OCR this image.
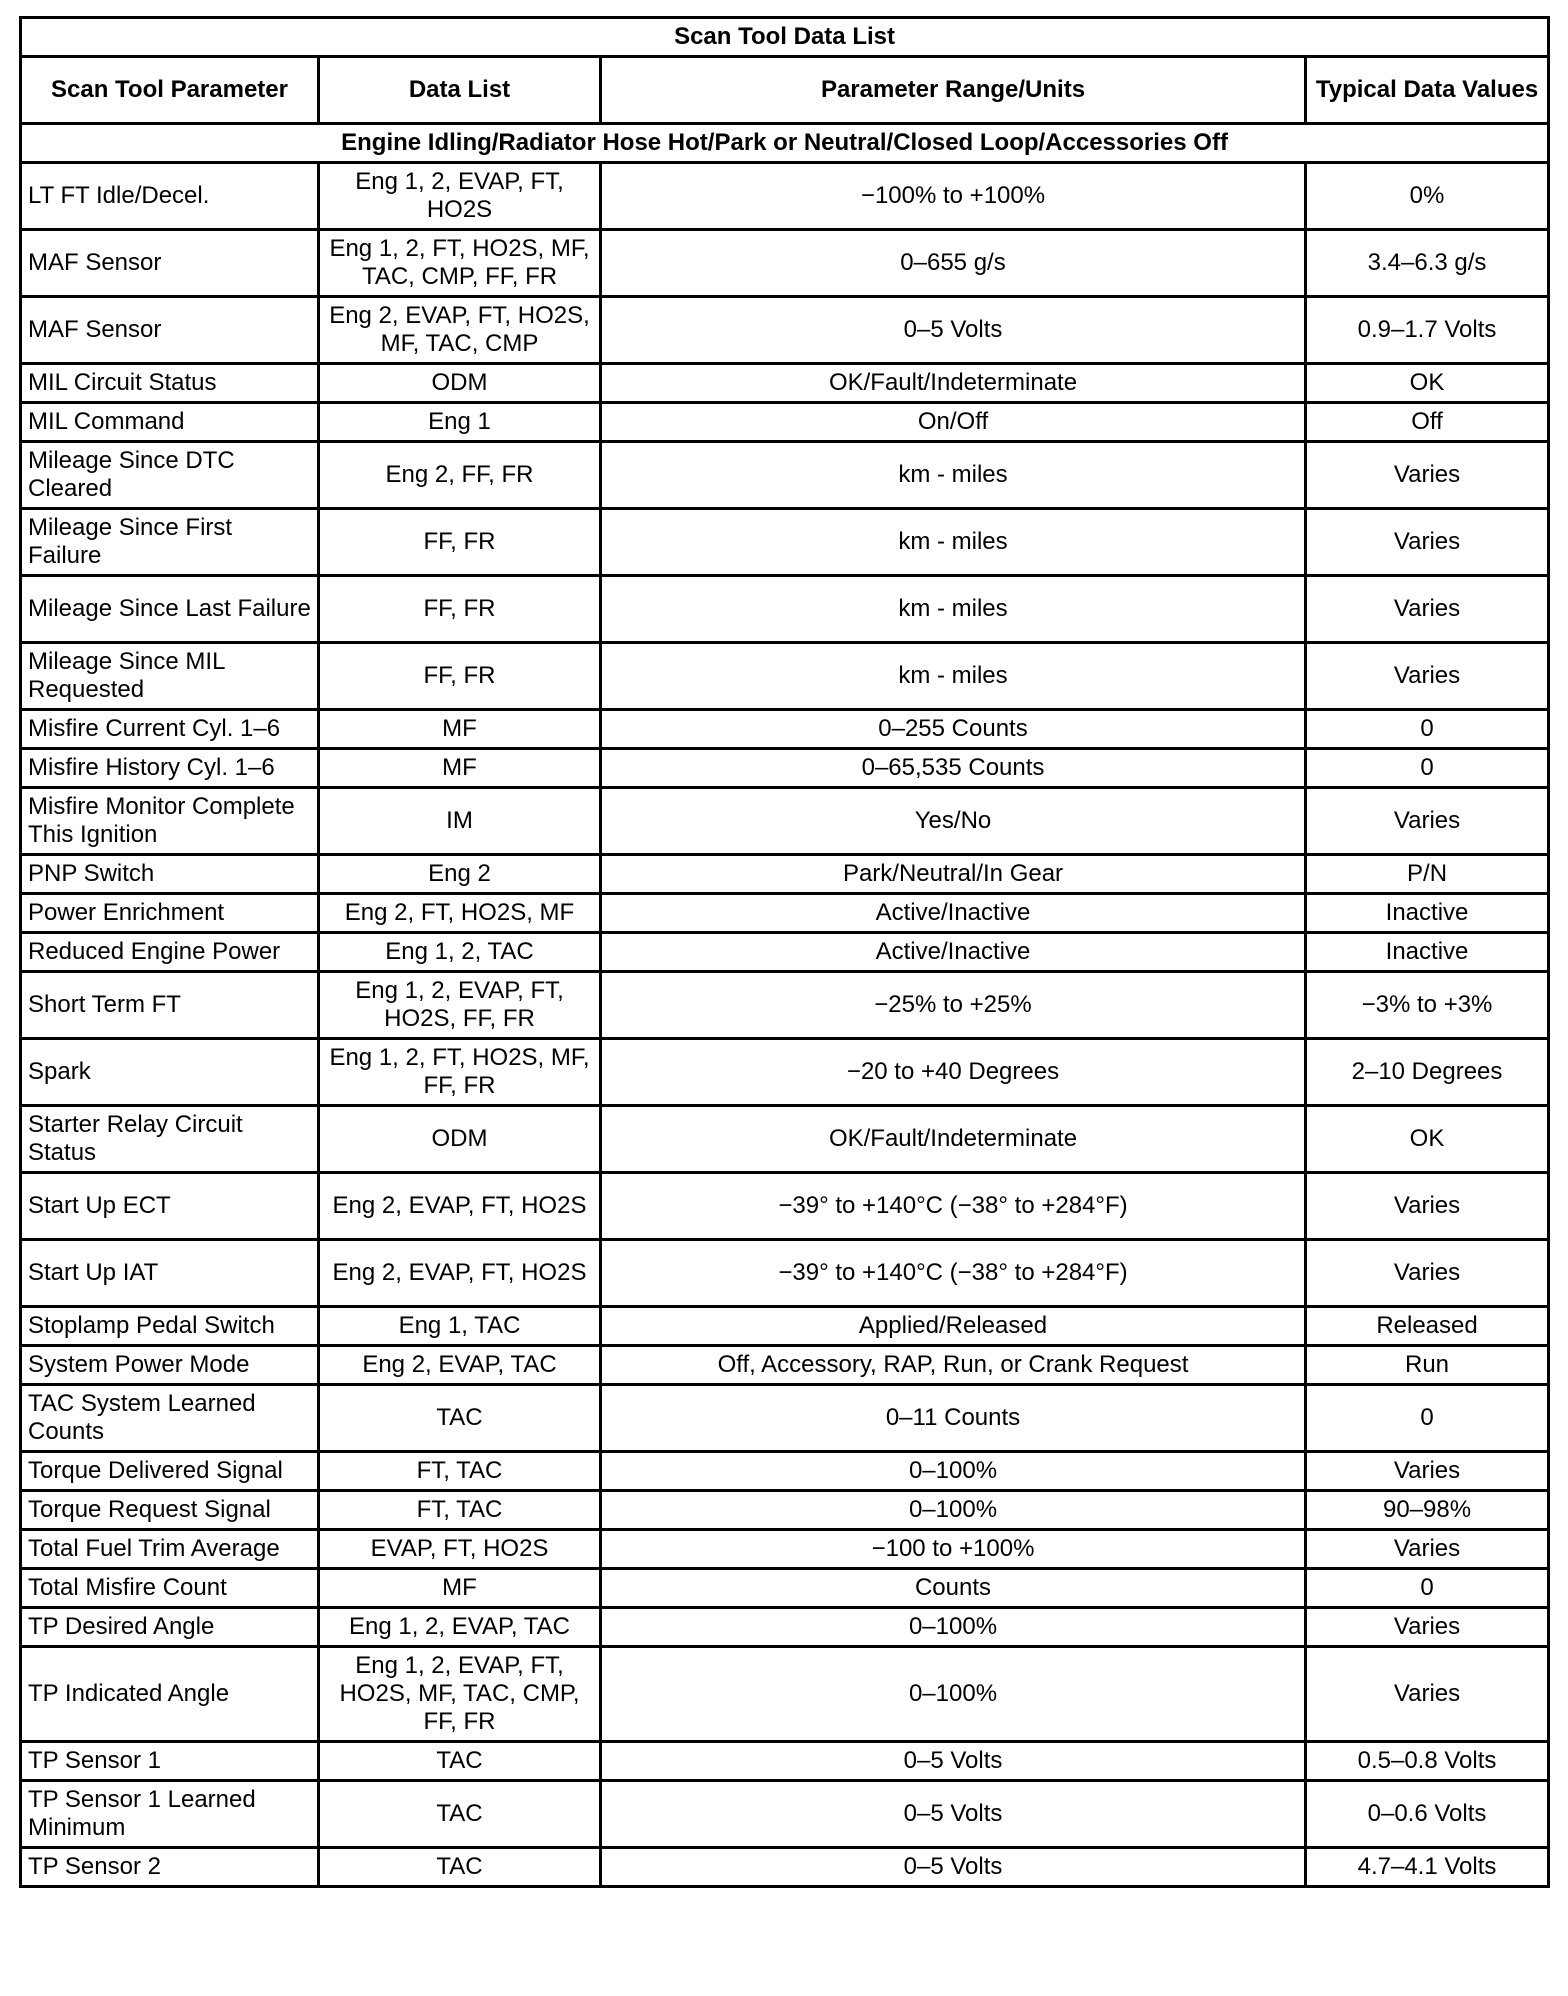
Scan Tool Data List			
Scan Tool Parameter	Data List	Parameter Range/Units	Typical Data Values
Engine Idling/Radiator Hose Hot/Park or Neutral/Closed Loop/Accessories Off			
LT FT Idle/Decel.	Eng 1, 2, EVAP, FT, HO2S	−100% to +100%	0%
MAF Sensor	Eng 1, 2, FT, HO2S, MF, TAC, CMP, FF, FR	0–655 g/s	3.4–6.3 g/s
MAF Sensor	Eng 2, EVAP, FT, HO2S, MF, TAC, CMP	0–5 Volts	0.9–1.7 Volts
MIL Circuit Status	ODM	OK/Fault/Indeterminate	OK
MIL Command	Eng 1	On/Off	Off
Mileage Since DTC Cleared	Eng 2, FF, FR	km - miles	Varies
Mileage Since First Failure	FF, FR	km - miles	Varies
Mileage Since Last Failure	FF, FR	km - miles	Varies
Mileage Since MIL Requested	FF, FR	km - miles	Varies
Misfire Current Cyl. 1–6	MF	0–255 Counts	0
Misfire History Cyl. 1–6	MF	0–65,535 Counts	0
Misfire Monitor Complete This Ignition	IM	Yes/No	Varies
PNP Switch	Eng 2	Park/Neutral/In Gear	P/N
Power Enrichment	Eng 2, FT, HO2S, MF	Active/Inactive	Inactive
Reduced Engine Power	Eng 1, 2, TAC	Active/Inactive	Inactive
Short Term FT	Eng 1, 2, EVAP, FT, HO2S, FF, FR	−25% to +25%	−3% to +3%
Spark	Eng 1, 2, FT, HO2S, MF, FF, FR	−20 to +40 Degrees	2–10 Degrees
Starter Relay Circuit Status	ODM	OK/Fault/Indeterminate	OK
Start Up ECT	Eng 2, EVAP, FT, HO2S	−39° to +140°C (−38° to +284°F)	Varies
Start Up IAT	Eng 2, EVAP, FT, HO2S	−39° to +140°C (−38° to +284°F)	Varies
Stoplamp Pedal Switch	Eng 1, TAC	Applied/Released	Released
System Power Mode	Eng 2, EVAP, TAC	Off, Accessory, RAP, Run, or Crank Request	Run
TAC System Learned Counts	TAC	0–11 Counts	0
Torque Delivered Signal	FT, TAC	0–100%	Varies
Torque Request Signal	FT, TAC	0–100%	90–98%
Total Fuel Trim Average	EVAP, FT, HO2S	−100 to +100%	Varies
Total Misfire Count	MF	Counts	0
TP Desired Angle	Eng 1, 2, EVAP, TAC	0–100%	Varies
TP Indicated Angle	Eng 1, 2, EVAP, FT, HO2S, MF, TAC, CMP, FF, FR	0–100%	Varies
TP Sensor 1	TAC	0–5 Volts	0.5–0.8 Volts
TP Sensor 1 Learned Minimum	TAC	0–5 Volts	0–0.6 Volts
TP Sensor 2	TAC	0–5 Volts	4.7–4.1 Volts
